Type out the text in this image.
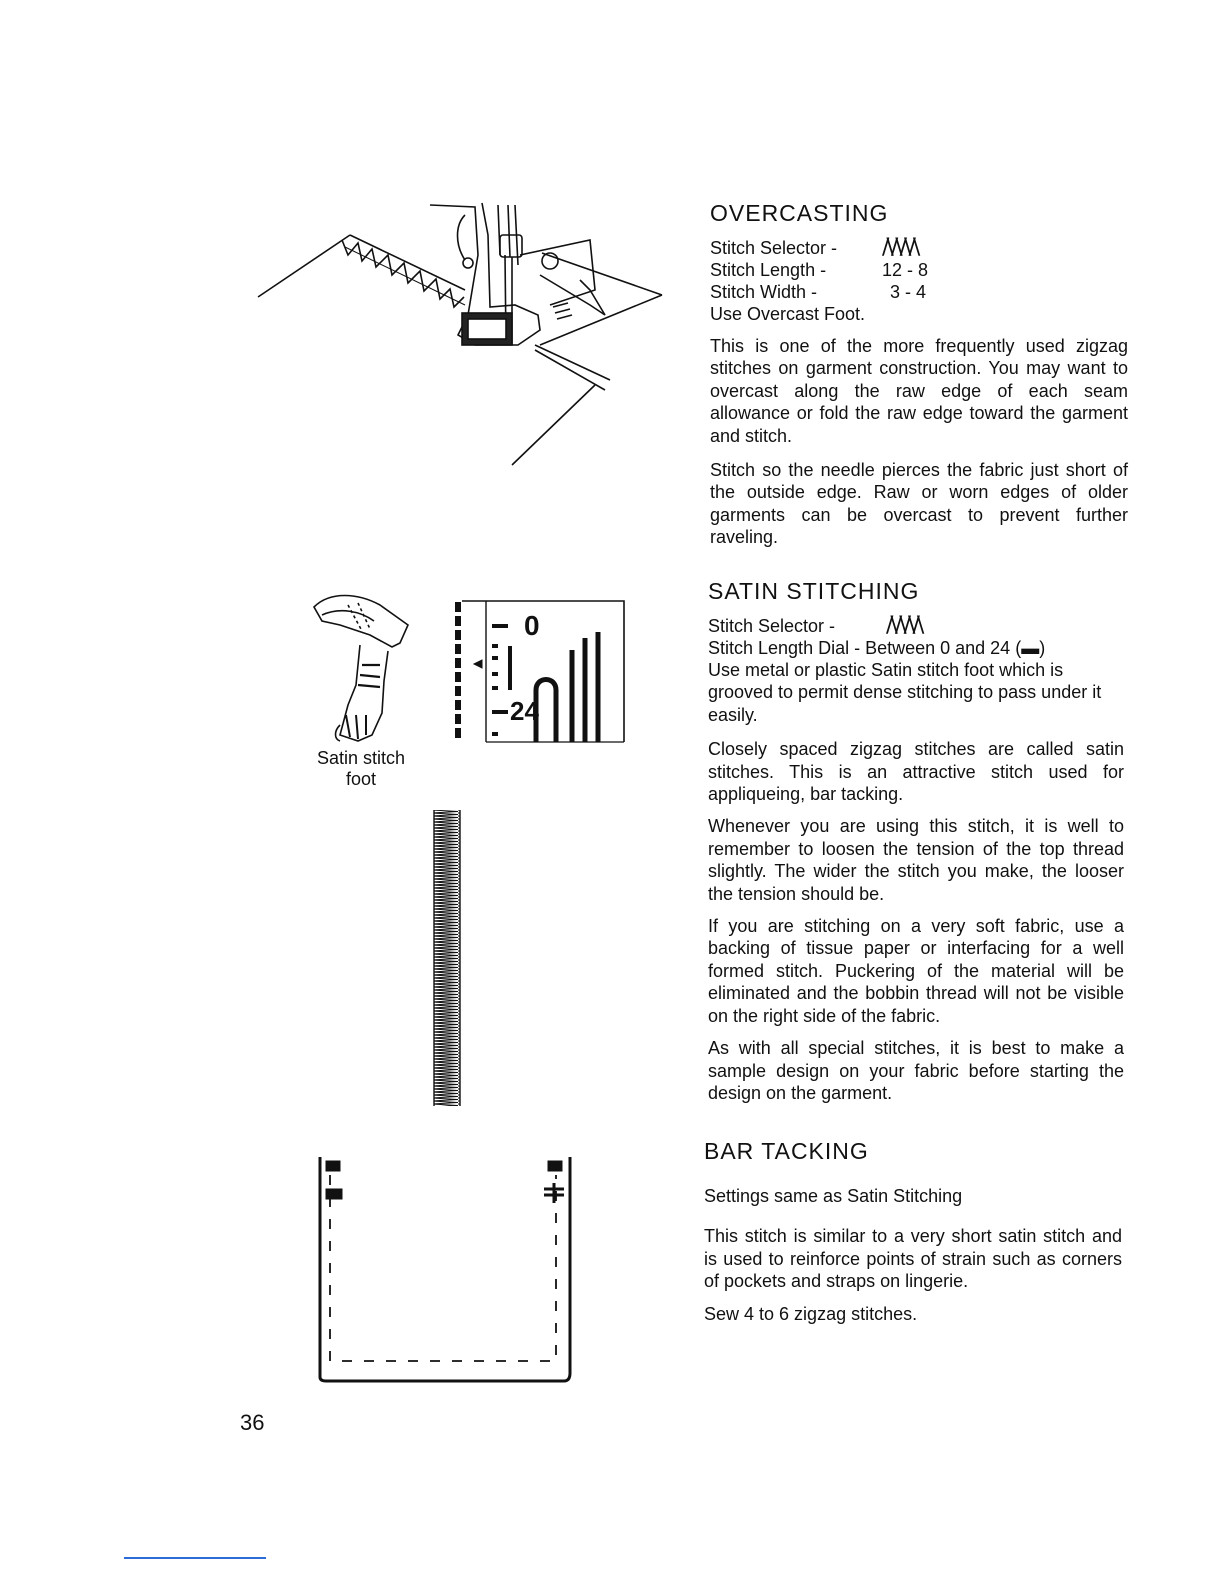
Satin stitch
foot
0
24
36
OVERCASTING
Stitch Selector - /\/\/\/\
Stitch Length -	12 - 8
Stitch Width -	3 - 4
Use Overcast Foot.

This is one of the more frequently used zigzag stitches on garment construction. You may want to overcast along the raw edge of each seam allowance or fold the raw edge toward the garment and stitch.

Stitch so the needle pierces the fabric just short of the outside edge. Raw or worn edges of older garments can be overcast to prevent further raveling.

SATIN STITCHING
Stitch Selector - /\/\/\/\
Stitch Length Dial - Between 0 and 24 (▬)

Use metal or plastic Satin stitch foot which is grooved to permit dense stitching to pass under it easily.

Closely spaced zigzag stitches are called satin stitches. This is an attractive stitch used for appliqueing, bar tacking.

Whenever you are using this stitch, it is well to remember to loosen the tension of the top thread slightly. The wider the stitch you make, the looser the tension should be.

If you are stitching on a very soft fabric, use a backing of tissue paper or interfacing for a well formed stitch. Puckering of the material will be eliminated and the bobbin thread will not be visible on the right side of the fabric.

As with all special stitches, it is best to make a sample design on your fabric before starting the design on the garment.

BAR TACKING

Settings same as Satin Stitching

This stitch is similar to a very short satin stitch and is used to reinforce points of strain such as corners of pockets and straps on lingerie.

Sew 4 to 6 zigzag stitches.
